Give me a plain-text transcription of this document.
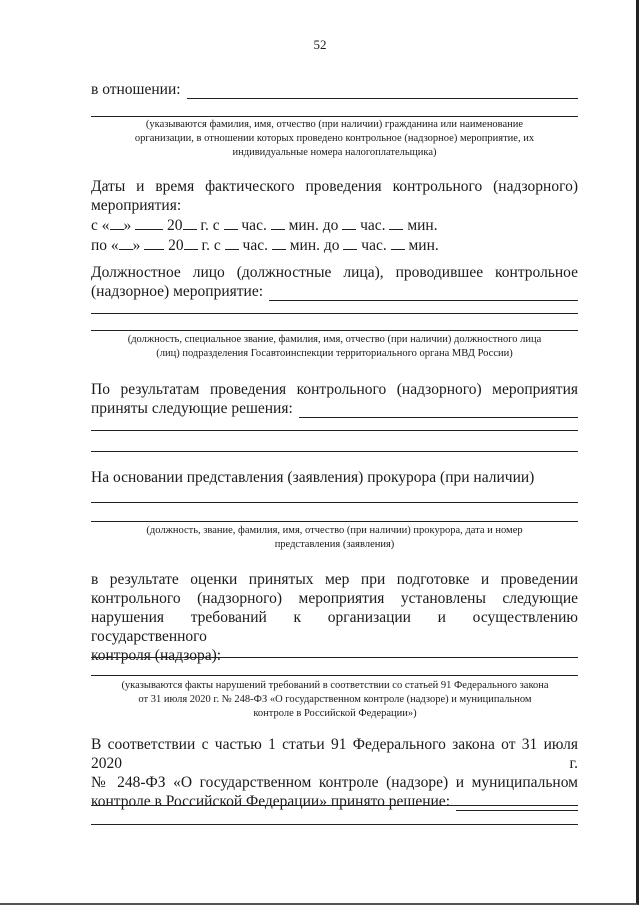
52
в отношении:
(указываются фамилия, имя, отчество (при наличии) гражданина или наименование
организации, в отношении которых проведено контрольное (надзорное) мероприятие, их
индивидуальные номера налогоплательщика)
Даты и время фактического проведения контрольного (надзорного)
мероприятия:
с « » 20 г. с час. мин. до час. мин.
по « » 20 г. с час. мин. до час. мин.
Должностное лицо (должностные лица), проводившее контрольное
(надзорное) мероприятие:
(должность, специальное звание, фамилия, имя, отчество (при наличии) должностного лица
(лиц) подразделения Госавтоинспекции территориального органа МВД России)
По результатам проведения контрольного (надзорного) мероприятия
приняты следующие решения:
На основании представления (заявления) прокурора (при наличии)
(должность, звание, фамилия, имя, отчество (при наличии) прокурора, дата и номер
представления (заявления)
в результате оценки принятых мер при подготовке и проведении
контрольного (надзорного) мероприятия установлены следующие
нарушения требований к организации и осуществлению государственного
контроля (надзора):
(указываются факты нарушений требований в соответствии со статьей 91 Федерального закона
от 31 июля 2020 г. № 248-ФЗ «О государственном контроле (надзоре) и муниципальном
контроле в Российской Федерации»)
В соответствии с частью 1 статьи 91 Федерального закона от 31 июля 2020 г.
№ 248-ФЗ «О государственном контроле (надзоре) и муниципальном
контроле в Российской Федерации» принято решение:
